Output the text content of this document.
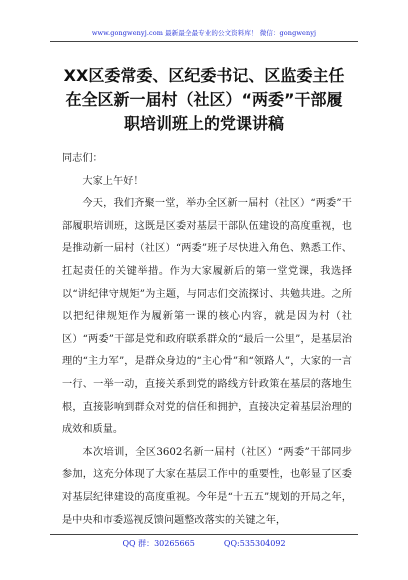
www.gongwenyj.com 最新最全最专业的公文资料库！ 微信：gongwenyj
XX区委常委、区纪委书记、区监委主任
在全区新一届村（社区）“两委”干部履
职培训班上的党课讲稿

同志们：

大家上午好！

今天，我们齐聚一堂，举办全区新一届村（社区）“两委”干部履职培训班，这既是区委对基层干部队伍建设的高度重视，也是推动新一届村（社区）“两委”班子尽快进入角色、熟悉工作、扛起责任的关键举措。作为大家履新后的第一堂党课，我选择以“讲纪律守规矩”为主题，与同志们交流探讨、共勉共进。之所以把纪律规矩作为履新第一课的核心内容，就是因为村（社区）“两委”干部是党和政府联系群众的“最后一公里”，是基层治理的“主力军”，是群众身边的“主心骨”和“领路人”，大家的一言一行、一举一动，直接关系到党的路线方针政策在基层的落地生根，直接影响到群众对党的信任和拥护，直接决定着基层治理的成效和质量。

本次培训，全区3602名新一届村（社区）“两委”干部同步参加，这充分体现了大家在基层工作中的重要性，也彰显了区委对基层纪律建设的高度重视。今年是“十五五”规划的开局之年，是中央和市委巡视反馈问题整改落实的关键之年，

QQ 群：30265665	QQ:535304092
